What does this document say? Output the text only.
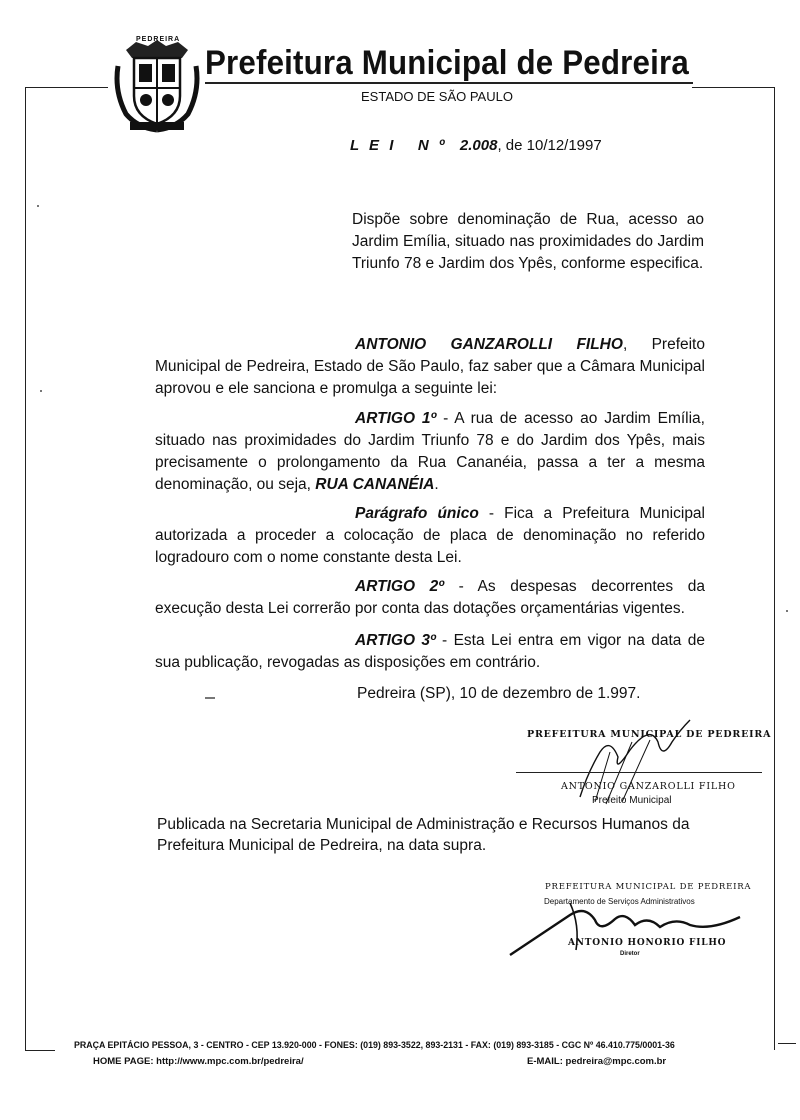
PEDREIRA
Prefeitura Municipal de Pedreira
ESTADO DE SÃO PAULO
L E I   N º 2.008, de 10/12/1997
Dispõe sobre denominação de Rua, acesso ao Jardim Emília, situado nas proximidades do Jardim Triunfo 78 e Jardim dos Ypês, conforme especifica.
ANTONIO GANZAROLLI FILHO, Prefeito Municipal de Pedreira, Estado de São Paulo, faz saber que a Câmara Municipal aprovou e ele sanciona e promulga a seguinte lei:
ARTIGO 1º - A rua de acesso ao Jardim Emília, situado nas proximidades do Jardim Triunfo 78 e do Jardim dos Ypês, mais precisamente o prolongamento da Rua Cananéia, passa a ter a mesma denominação, ou seja, RUA CANANÉIA.
Parágrafo único - Fica a Prefeitura Municipal autorizada a proceder a colocação de placa de denominação no referido logradouro com o nome constante desta Lei.
ARTIGO 2º - As despesas decorrentes da execução desta Lei correrão por conta das dotações orçamentárias vigentes.
ARTIGO 3º - Esta Lei entra em vigor na data de sua publicação, revogadas as disposições em contrário.
Pedreira (SP), 10 de dezembro de 1.997.
PREFEITURA MUNICIPAL DE PEDREIRA
ANTONIO GANZAROLLI FILHO
Prefeito Municipal
Publicada na Secretaria Municipal de Administração e Recursos Humanos da Prefeitura Municipal de Pedreira, na data supra.
PREFEITURA MUNICIPAL DE PEDREIRA
Departamento de Serviços Administrativos
ANTONIO HONORIO FILHO
Diretor
PRAÇA EPITÁCIO PESSOA, 3 - CENTRO - CEP 13.920-000 - FONES: (019) 893-3522, 893-2131 - FAX: (019) 893-3185 - CGC Nº 46.410.775/0001-36
HOME PAGE: http://www.mpc.com.br/pedreira/	E-MAIL: pedreira@mpc.com.br
